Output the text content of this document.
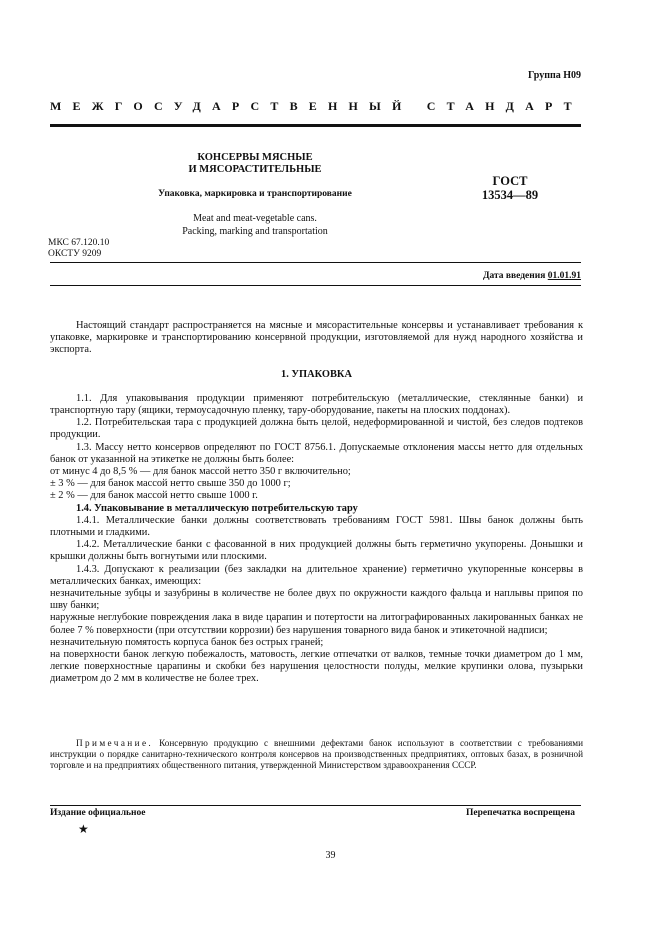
Группа Н09
МЕЖГОСУДАРСТВЕННЫЙ СТАНДАРТ
КОНСЕРВЫ МЯСНЫЕ
И МЯСОРАСТИТЕЛЬНЫЕ
Упаковка, маркировка и транспортирование
Meat and meat-vegetable cans.
Packing, marking and transportation
ГОСТ
13534—89
МКС 67.120.10
ОКСТУ 9209
Дата введения 01.01.91

Настоящий стандарт распространяется на мясные и мясорастительные консервы и устанавливает требования к упаковке, маркировке и транспортированию консервной продукции, изготовляемой для нужд народного хозяйства и экспорта.

1. УПАКОВКА

1.1. Для упаковывания продукции применяют потребительскую (металлические, стеклянные банки) и транспортную тару (ящики, термоусадочную пленку, тару-оборудование, пакеты на плоских поддонах).

1.2. Потребительская тара с продукцией должна быть целой, недеформированной и чистой, без следов подтеков продукции.

1.3. Массу нетто консервов определяют по ГОСТ 8756.1. Допускаемые отклонения массы нетто для отдельных банок от указанной на этикетке не должны быть более:

от минус 4 до 8,5 % — для банок массой нетто 350 г включительно;

± 3 % — для банок массой нетто свыше 350 до 1000 г;

± 2 % — для банок массой нетто свыше 1000 г.

1.4. Упаковывание в металлическую потребительскую тару

1.4.1. Металлические банки должны соответствовать требованиям ГОСТ 5981. Швы банок должны быть плотными и гладкими.

1.4.2. Металлические банки с фасованной в них продукцией должны быть герметично укупорены. Донышки и крышки должны быть вогнутыми или плоскими.

1.4.3. Допускают к реализации (без закладки на длительное хранение) герметично укупоренные консервы в металлических банках, имеющих:

незначительные зубцы и зазубрины в количестве не более двух по окружности каждого фальца и наплывы припоя по шву банки;

наружные неглубокие повреждения лака в виде царапин и потертости на литографированных лакированных банках не более 7 % поверхности (при отсутствии коррозии) без нарушения товарного вида банок и этикеточной надписи;

незначительную помятость корпуса банок без острых граней;

на поверхности банок легкую побежалость, матовость, легкие отпечатки от валков, темные точки диаметром до 1 мм, легкие поверхностные царапины и скобки без нарушения целостности полуды, мелкие крупинки олова, пузырьки диаметром до 2 мм в количестве не более трех.

Примечание. Консервную продукцию с внешними дефектами банок используют в соответствии с требованиями инструкции о порядке санитарно-технического контроля консервов на производственных предприятиях, оптовых базах, в розничной торговле и на предприятиях общественного питания, утвержденной Министерством здравоохранения СССР.

Издание официальное	Перепечатка воспрещена
★
39
